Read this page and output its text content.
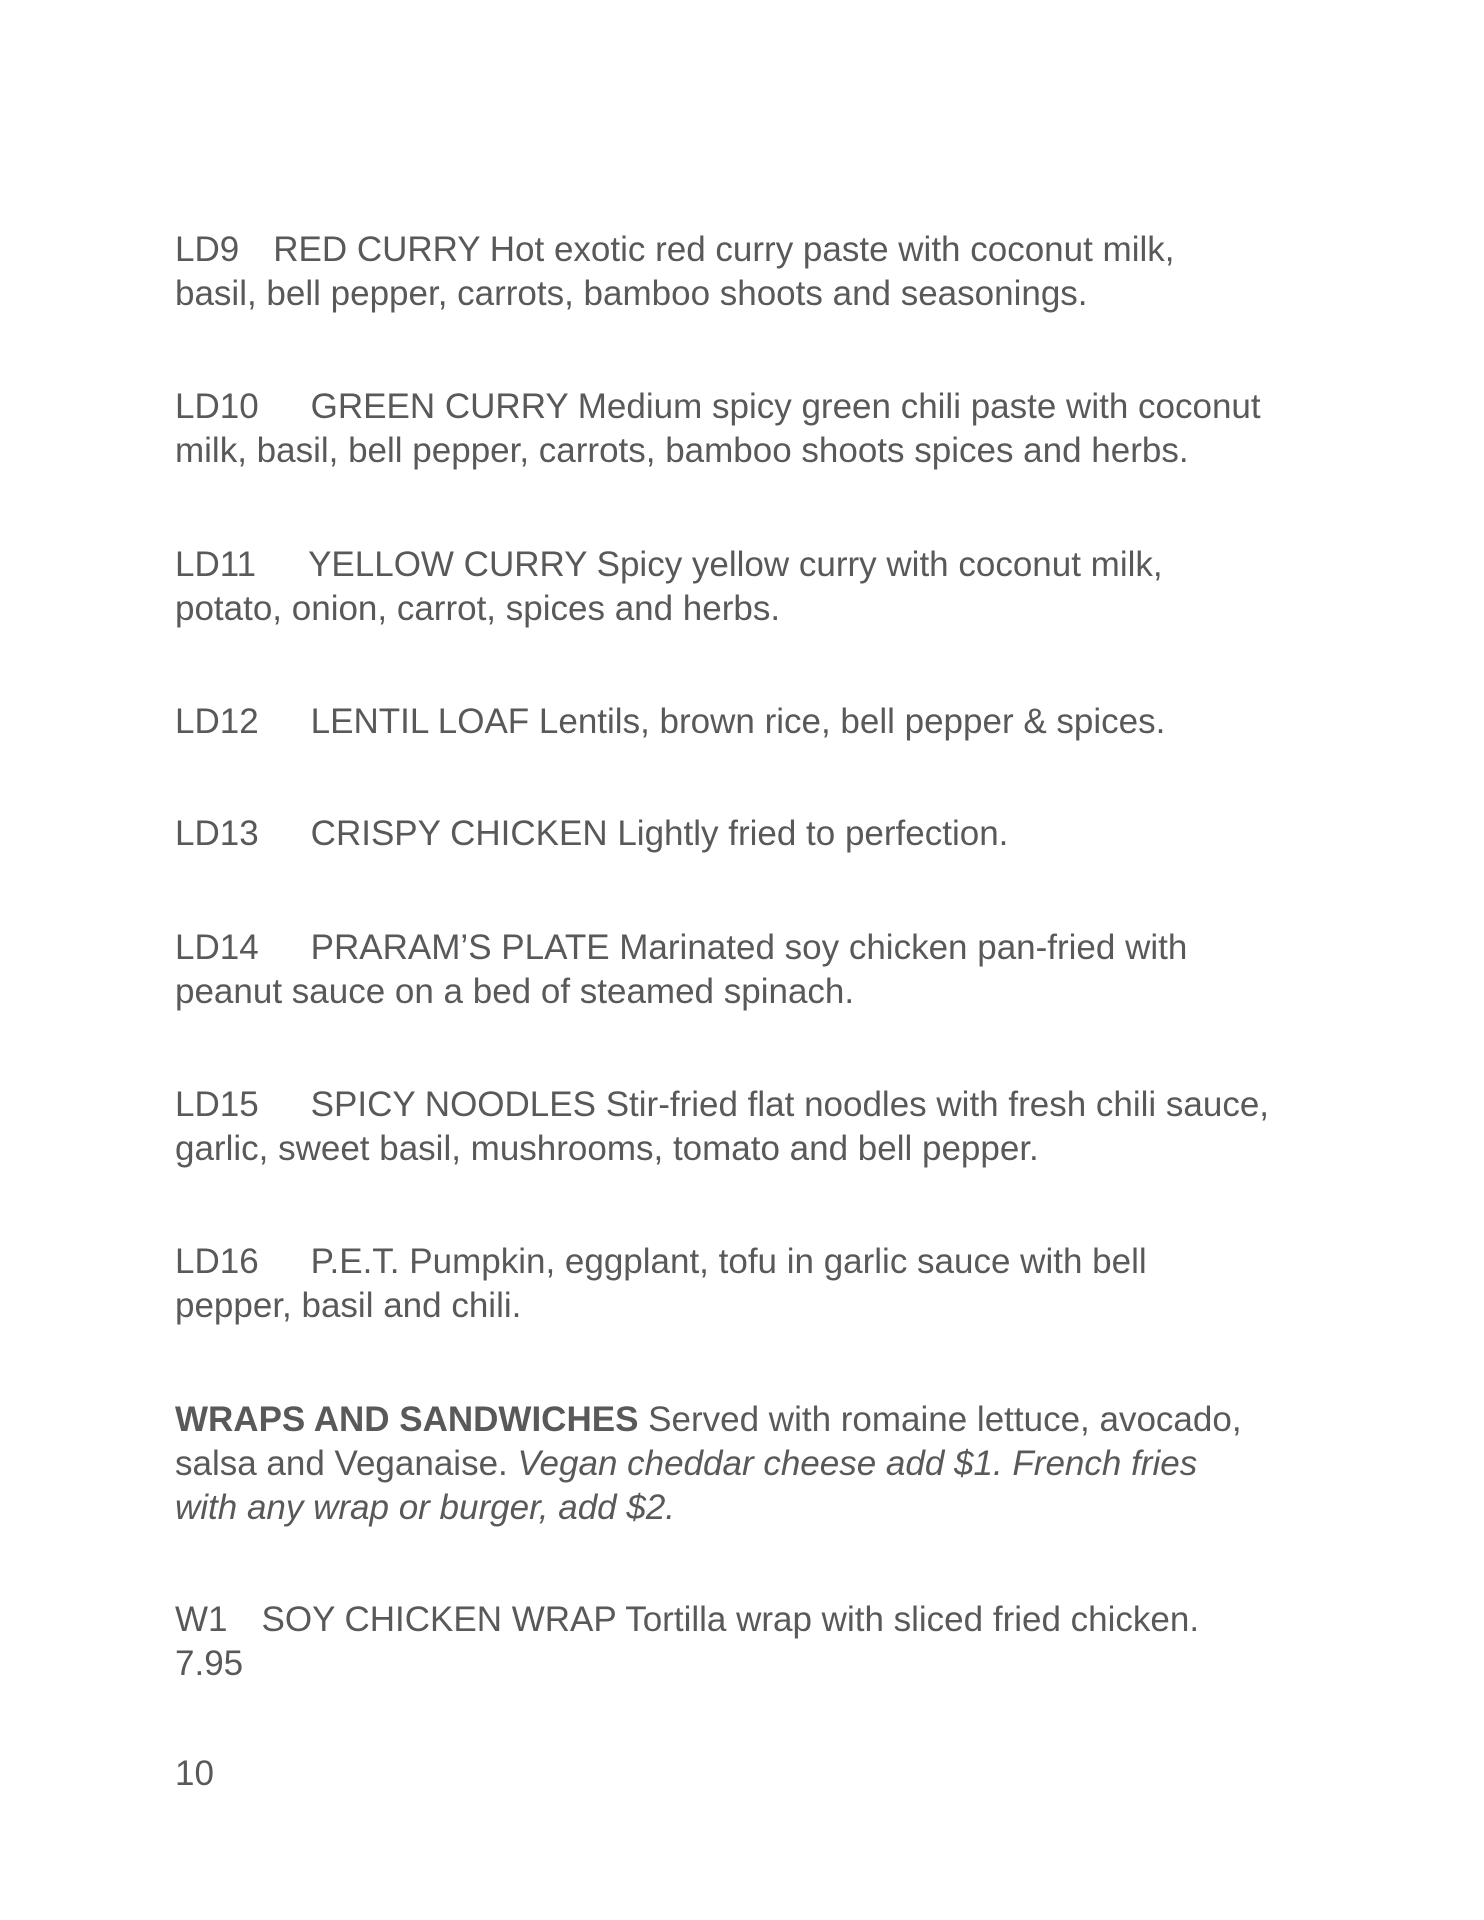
LD9 RED CURRY Hot exotic red curry paste with coconut milk,
basil, bell pepper, carrots, bamboo shoots and seasonings.
LD10 GREEN CURRY Medium spicy green chili paste with coconut
milk, basil, bell pepper, carrots, bamboo shoots spices and herbs.
LD11 YELLOW CURRY Spicy yellow curry with coconut milk,
potato, onion, carrot, spices and herbs.
LD12 LENTIL LOAF Lentils, brown rice, bell pepper & spices.
LD13 CRISPY CHICKEN Lightly fried to perfection.
LD14 PRARAM’S PLATE Marinated soy chicken pan-fried with
peanut sauce on a bed of steamed spinach.
LD15 SPICY NOODLES Stir-fried flat noodles with fresh chili sauce,
garlic, sweet basil, mushrooms, tomato and bell pepper.
LD16 P.E.T. Pumpkin, eggplant, tofu in garlic sauce with bell
pepper, basil and chili.
WRAPS AND SANDWICHES Served with romaine lettuce, avocado,
salsa and Veganaise. Vegan cheddar cheese add $1. French fries
with any wrap or burger, add $2.
W1 SOY CHICKEN WRAP Tortilla wrap with sliced fried chicken.
7.95
10
